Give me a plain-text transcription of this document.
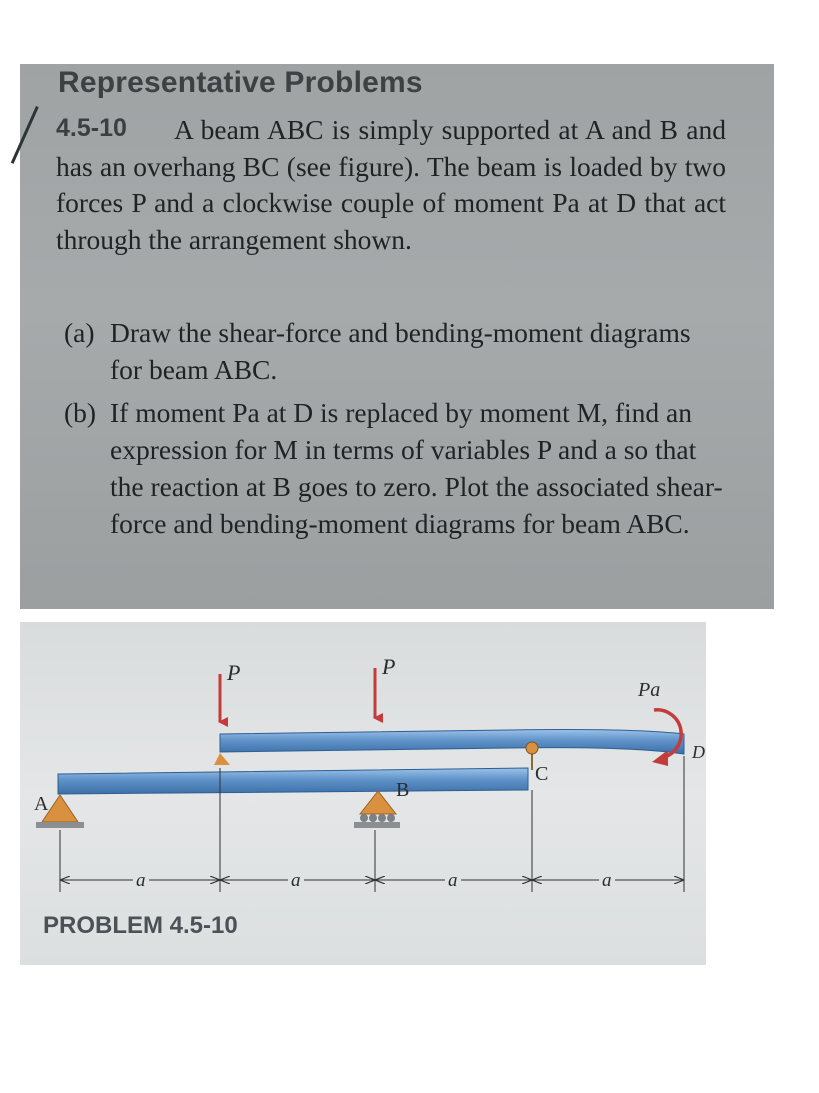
Representative Problems
4.5-10	A beam ABC is simply supported at A and B and has an overhang BC (see figure). The beam is loaded by two forces P and a clockwise couple of moment Pa at D that act through the arrangement shown.
(a) Draw the shear-force and bending-moment diagrams for beam ABC.
(b) If moment Pa at D is replaced by moment M, find an expression for M in terms of variables P and a so that the reaction at B goes to zero. Plot the associated shear-force and bending-moment diagrams for beam ABC.
P	P
Pa
A
B
C
D
a	a	a	a
PROBLEM 4.5-10
